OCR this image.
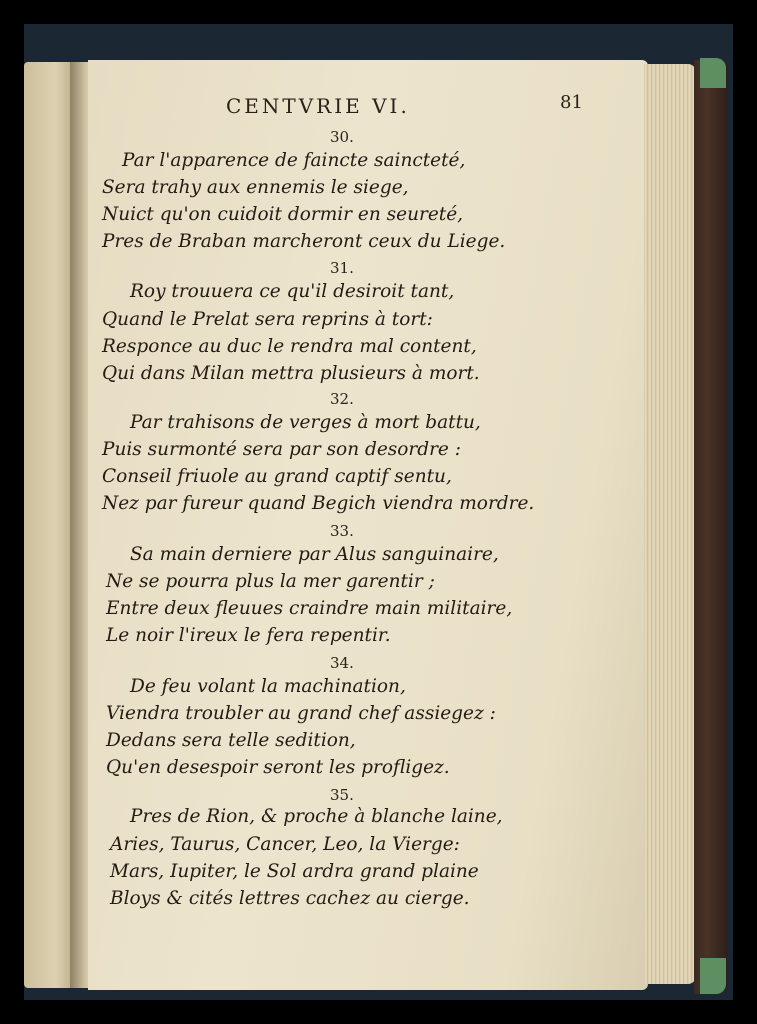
CENTVRIE VI.	81
30.
Par l'apparence de faincte saincteté,
Sera trahy aux ennemis le siege,
Nuict qu'on cuidoit dormir en seureté,
Pres de Braban marcheront ceux du Liege.
31.
Roy trouuera ce qu'il desiroit tant,
Quand le Prelat sera reprins à tort:
Responce au duc le rendra mal content,
Qui dans Milan mettra plusieurs à mort.
32.
Par trahisons de verges à mort battu,
Puis surmonté sera par son desordre :
Conseil friuole au grand captif sentu,
Nez par fureur quand Begich viendra mordre.
33.
Sa main derniere par Alus sanguinaire,
Ne se pourra plus la mer garentir ;
Entre deux fleuues craindre main militaire,
Le noir l'ireux le fera repentir.
34.
De feu volant la machination,
Viendra troubler au grand chef assiegez :
Dedans sera telle sedition,
Qu'en desespoir seront les profligez.
35.
Pres de Rion, & proche à blanche laine,
Aries, Taurus, Cancer, Leo, la Vierge:
Mars, Iupiter, le Sol ardra grand plaine
Bloys & cités lettres cachez au cierge.
